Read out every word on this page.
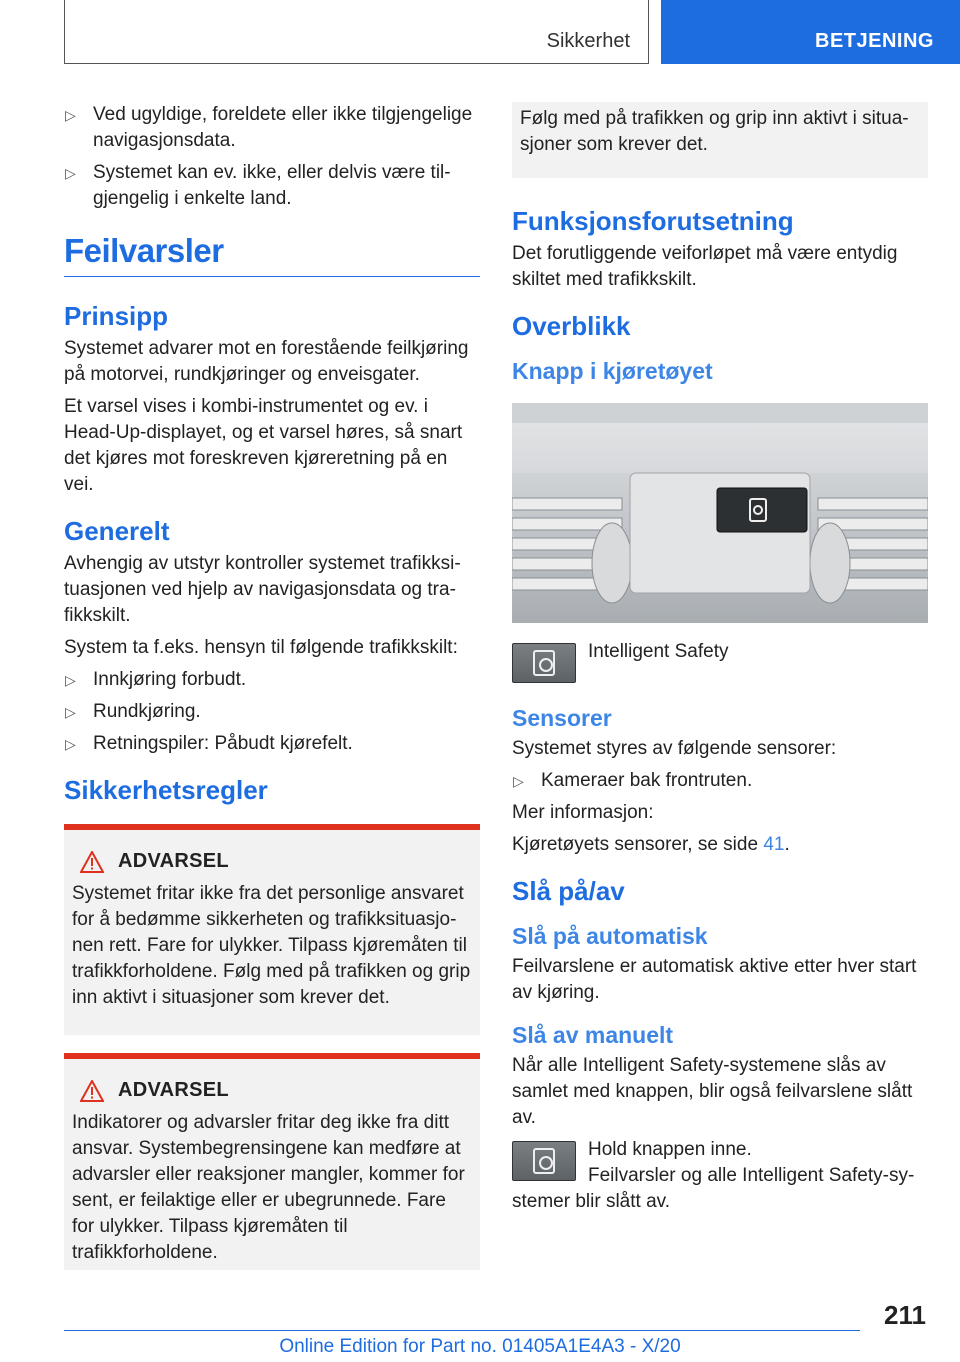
Sikkerhet	BETJENING
▷ Ved ugyldige, foreldete eller ikke tilgjengelige navigasjonsdata.
▷ Systemet kan ev. ikke, eller delvis være tilgjengelig i enkelte land.
Feilvarsler
Prinsipp

Systemet advarer mot en forestående feilkjøring på motorvei, rundkjøringer og enveisgater.

Et varsel vises i kombi-instrumentet og ev. i Head-Up-displayet, og et varsel høres, så snart det kjøres mot foreskreven kjøreretning på en vei.

Generelt

Avhengig av utstyr kontroller systemet trafikksituasjonen ved hjelp av navigasjonsdata og trafikkskilt.

System ta f.eks. hensyn til følgende trafikkskilt:

▷ Innkjøring forbudt.
▷ Rundkjøring.
▷ Retningspiler: Påbudt kjørefelt.
Sikkerhetsregler
ADVARSEL

Systemet fritar ikke fra det personlige ansvaret for å bedømme sikkerheten og trafikksituasjonen rett. Fare for ulykker. Tilpass kjøremåten til trafikkforholdene. Følg med på trafikken og grip inn aktivt i situasjoner som krever det.

ADVARSEL

Indikatorer og advarsler fritar deg ikke fra ditt ansvar. Systembegrensingene kan medføre at advarsler eller reaksjoner mangler, kommer for sent, er feilaktige eller er ubegrunnede. Fare for ulykker. Tilpass kjøremåten til trafikkforholdene.

Følg med på trafikken og grip inn aktivt i situasjoner som krever det.

Funksjonsforutsetning

Det forutliggende veiforløpet må være entydig skiltet med trafikkskilt.

Overblikk
Knapp i kjøretøyet
Intelligent Safety
Sensorer

Systemet styres av følgende sensorer:

▷ Kameraer bak frontruten.

Mer informasjon:

Kjøretøyets sensorer, se side 41.

Slå på/av
Slå på automatisk

Feilvarslene er automatisk aktive etter hver start av kjøring.

Slå av manuelt

Når alle Intelligent Safety-systemene slås av samlet med knappen, blir også feilvarslene slått av.

Hold knappen inne.

Feilvarsler og alle Intelligent Safety-systemer blir slått av.

211
Online Edition for Part no. 01405A1E4A3 - X/20
